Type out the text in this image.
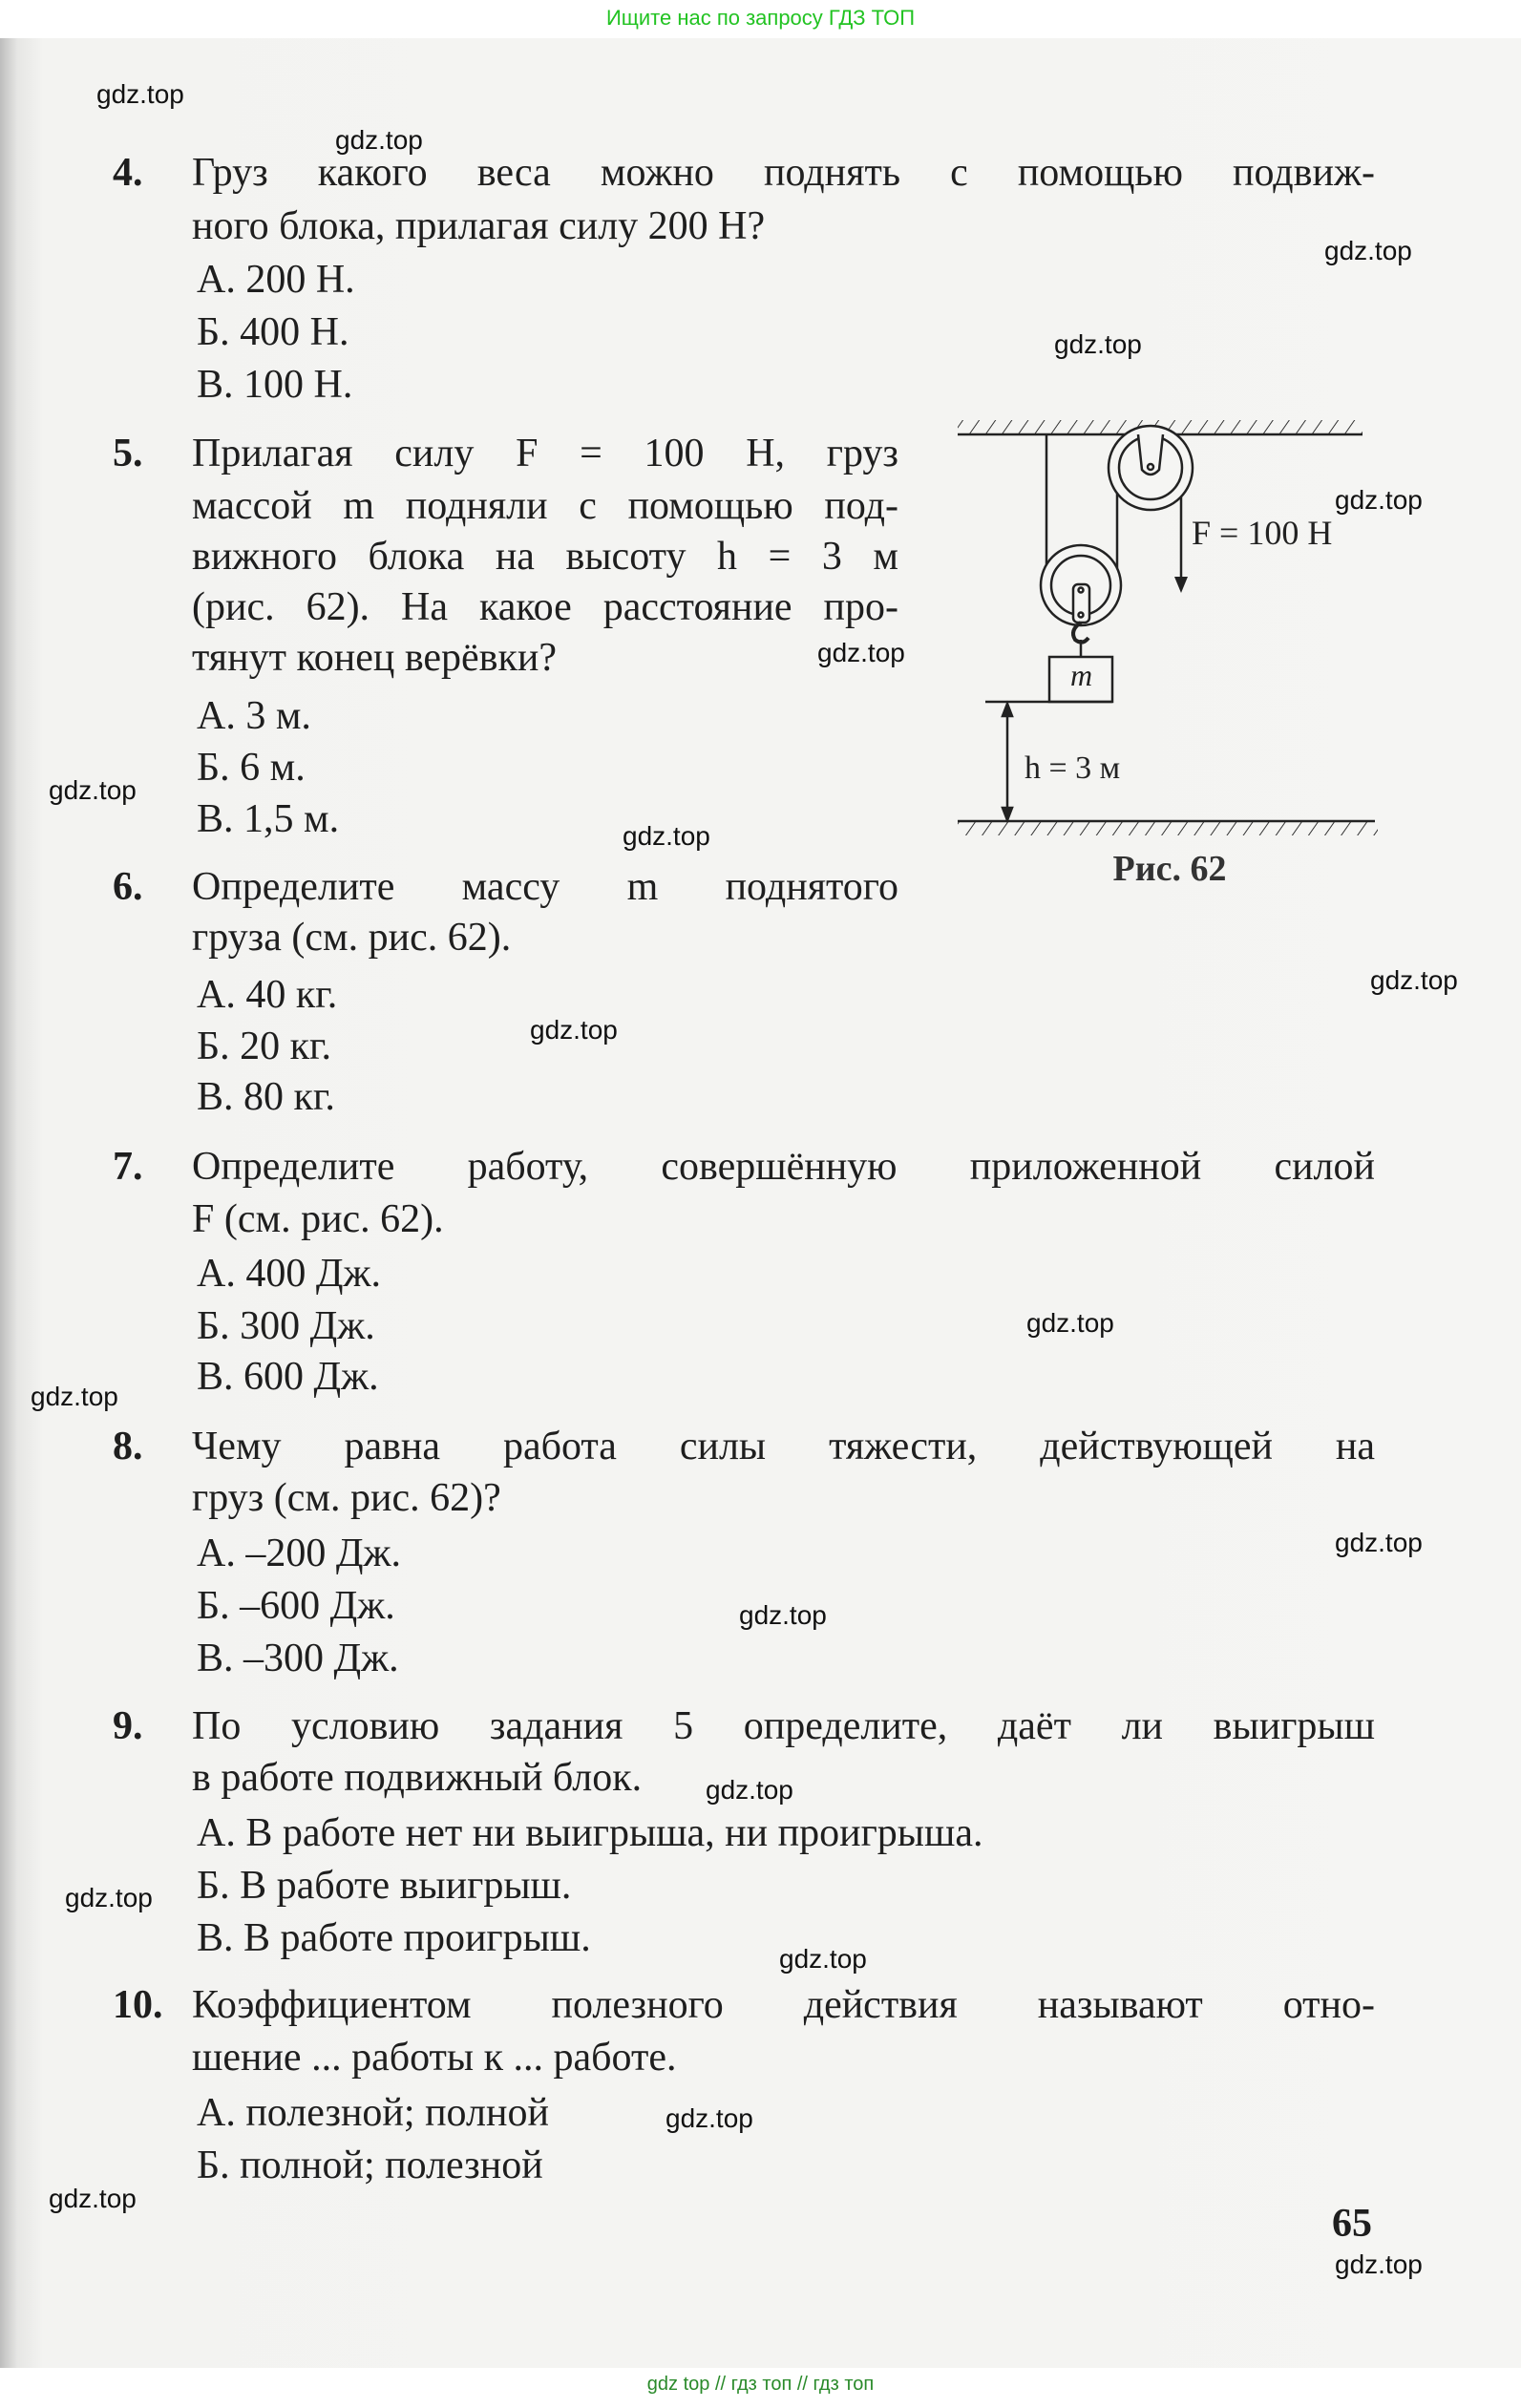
Ищите нас по запросу ГДЗ ТОП
F = 100 Н
h = 3 м
m
Рис. 62
4. Груз какого веса можно поднять с помощью подвиж-
ного блока, прилагая силу 200 Н?
А. 200 Н.
Б. 400 Н.
В. 100 Н.
5. Прилагая силу F = 100 Н, груз
массой m подняли с помощью под-
вижного блока на высоту h = 3 м
(рис. 62). На какое расстояние про-
тянут конец верёвки?
А. 3 м.
Б. 6 м.
В. 1,5 м.
6. Определите массу m поднятого
груза (см. рис. 62).
А. 40 кг.
Б. 20 кг.
В. 80 кг.
7. Определите работу, совершённую приложенной силой
F (см. рис. 62).
А. 400 Дж.
Б. 300 Дж.
В. 600 Дж.
8. Чему равна работа силы тяжести, действующей на
груз (см. рис. 62)?
А. –200 Дж.
Б. –600 Дж.
В. –300 Дж.
9. По условию задания 5 определите, даёт ли выигрыш
в работе подвижный блок.
А. В работе нет ни выигрыша, ни проигрыша.
Б. В работе выигрыш.
В. В работе проигрыш.
10. Коэффициентом полезного действия называют отно-
шение ... работы к ... работе.
А. полезной; полной
Б. полной; полезной
65
gdz.top
gdz.top
gdz.top
gdz.top
gdz.top
gdz.top
gdz.top
gdz.top
gdz.top
gdz.top
gdz.top
gdz.top
gdz.top
gdz.top
gdz.top
gdz.top
gdz.top
gdz.top
gdz.top
gdz.top
gdz top // гдз топ // гдз топ
